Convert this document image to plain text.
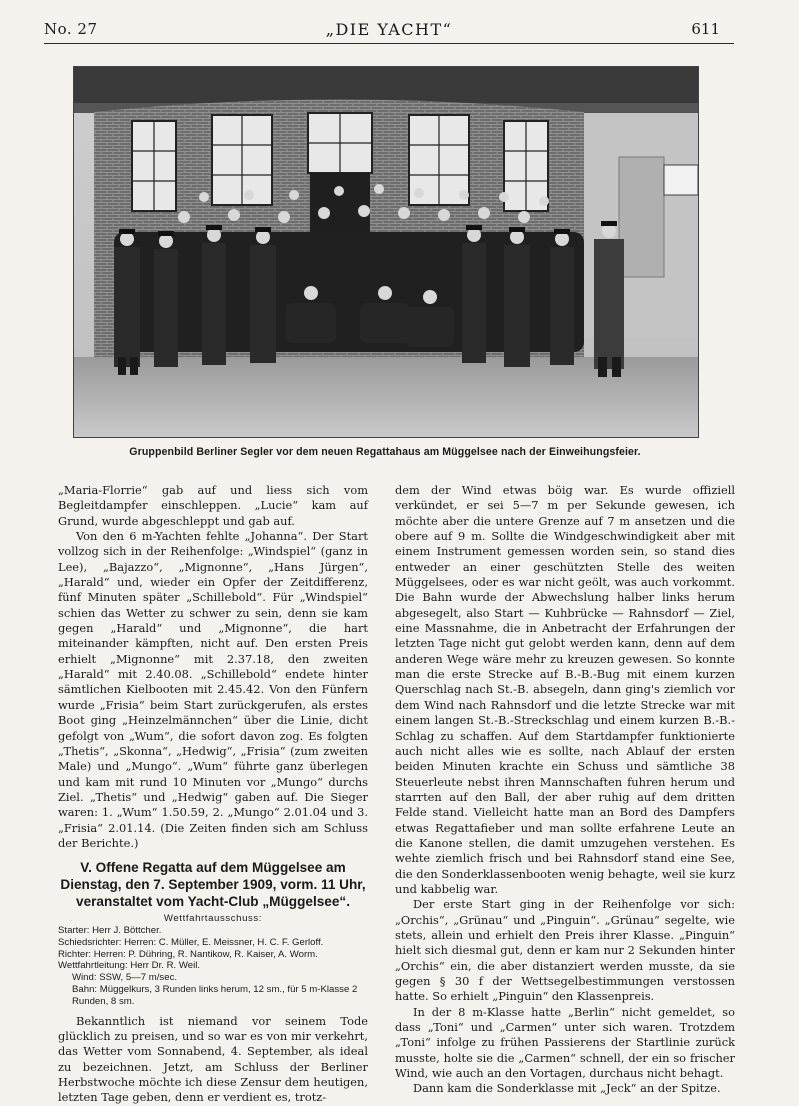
No. 27	„DIE YACHT“	611
Gruppenbild Berliner Segler vor dem neuen Regattahaus am Müggelsee nach der Einweihungsfeier.

„Maria-Florrie“ gab auf und liess sich vom Begleitdampfer einschleppen. „Lucie“ kam auf Grund, wurde abgeschleppt und gab auf.

Von den 6 m-Yachten fehlte „Johanna“. Der Start vollzog sich in der Reihenfolge: „Windspiel“ (ganz in Lee), „Bajazzo“, „Mignonne“, „Hans Jürgen“, „Harald“ und, wieder ein Opfer der Zeitdifferenz, fünf Minuten später „Schillebold“. Für „Windspiel“ schien das Wetter zu schwer zu sein, denn sie kam gegen „Harald“ und „Mignonne“, die hart miteinander kämpften, nicht auf. Den ersten Preis erhielt „Mignonne“ mit 2.37.18, den zweiten „Harald“ mit 2.40.08. „Schillebold“ endete hinter sämtlichen Kielbooten mit 2.45.42. Von den Fünfern wurde „Frisia“ beim Start zurückgerufen, als erstes Boot ging „Heinzelmännchen“ über die Linie, dicht gefolgt von „Wum“, die sofort davon zog. Es folgten „Thetis“, „Skonna“, „Hedwig“, „Frisia“ (zum zweiten Male) und „Mungo“. „Wum“ führte ganz überlegen und kam mit rund 10 Minuten vor „Mungo“ durchs Ziel. „Thetis“ und „Hedwig“ gaben auf. Die Sieger waren: 1. „Wum“ 1.50.59, 2. „Mungo“ 2.01.04 und 3. „Frisia“ 2.01.14. (Die Zeiten finden sich am Schluss der Berichte.)

V. Offene Regatta auf dem Müggelsee am Dienstag, den 7. September 1909, vorm. 11 Uhr, veranstaltet vom Yacht-Club „Müggelsee“.
Wettfahrtausschuss:
Starter: Herr J. Böttcher.
Schiedsrichter: Herren: C. Müller, E. Meissner, H. C. F. Gerloff.
Richter: Herren: P. Dühring, R. Nantikow, R. Kaiser, A. Worm.
Wettfahrtleitung: Herr Dr. R. Weil.
Wind: SSW, 5—7 m/sec.
Bahn: Müggelkurs, 3 Runden links herum, 12 sm., für 5 m-Klasse 2 Runden, 8 sm.

Bekanntlich ist niemand vor seinem Tode glücklich zu preisen, und so war es von mir verkehrt, das Wetter vom Sonnabend, 4. September, als ideal zu bezeichnen. Jetzt, am Schluss der Berliner Herbstwoche möchte ich diese Zensur dem heutigen, letzten Tage geben, denn er verdient es, trotz-

dem der Wind etwas böig war. Es wurde offiziell verkündet, er sei 5—7 m per Sekunde gewesen, ich möchte aber die untere Grenze auf 7 m ansetzen und die obere auf 9 m. Sollte die Windgeschwindigkeit aber mit einem Instrument gemessen worden sein, so stand dies entweder an einer geschützten Stelle des weiten Müggelsees, oder es war nicht geölt, was auch vorkommt. Die Bahn wurde der Abwechslung halber links herum abgesegelt, also Start — Kuhbrücke — Rahnsdorf — Ziel, eine Massnahme, die in Anbetracht der Erfahrungen der letzten Tage nicht gut gelobt werden kann, denn auf dem anderen Wege wäre mehr zu kreuzen gewesen. So konnte man die erste Strecke auf B.-B.-Bug mit einem kurzen Querschlag nach St.-B. absegeln, dann ging's ziemlich vor dem Wind nach Rahnsdorf und die letzte Strecke war mit einem langen St.-B.-Streckschlag und einem kurzen B.-B.-Schlag zu schaffen. Auf dem Startdampfer funktionierte auch nicht alles wie es sollte, nach Ablauf der ersten beiden Minuten krachte ein Schuss und sämtliche 38 Steuerleute nebst ihren Mannschaften fuhren herum und starrten auf den Ball, der aber ruhig auf dem dritten Felde stand. Vielleicht hatte man an Bord des Dampfers etwas Regattafieber und man sollte erfahrene Leute an die Kanone stellen, die damit umzugehen verstehen. Es wehte ziemlich frisch und bei Rahnsdorf stand eine See, die den Sonderklassenbooten wenig behagte, weil sie kurz und kabbelig war.

Der erste Start ging in der Reihenfolge vor sich: „Orchis“, „Grünau“ und „Pinguin“. „Grünau“ segelte, wie stets, allein und erhielt den Preis ihrer Klasse. „Pinguin“ hielt sich diesmal gut, denn er kam nur 2 Sekunden hinter „Orchis“ ein, die aber distanziert werden musste, da sie gegen § 30 f der Wettsegelbestimmungen verstossen hatte. So erhielt „Pinguin“ den Klassenpreis.

In der 8 m-Klasse hatte „Berlin“ nicht gemeldet, so dass „Toni“ und „Carmen“ unter sich waren. Trotzdem „Toni“ infolge zu frühen Passierens der Startlinie zurück musste, holte sie die „Carmen“ schnell, der ein so frischer Wind, wie auch an den Vortagen, durchaus nicht behagt.

Dann kam die Sonderklasse mit „Jeck“ an der Spitze.
